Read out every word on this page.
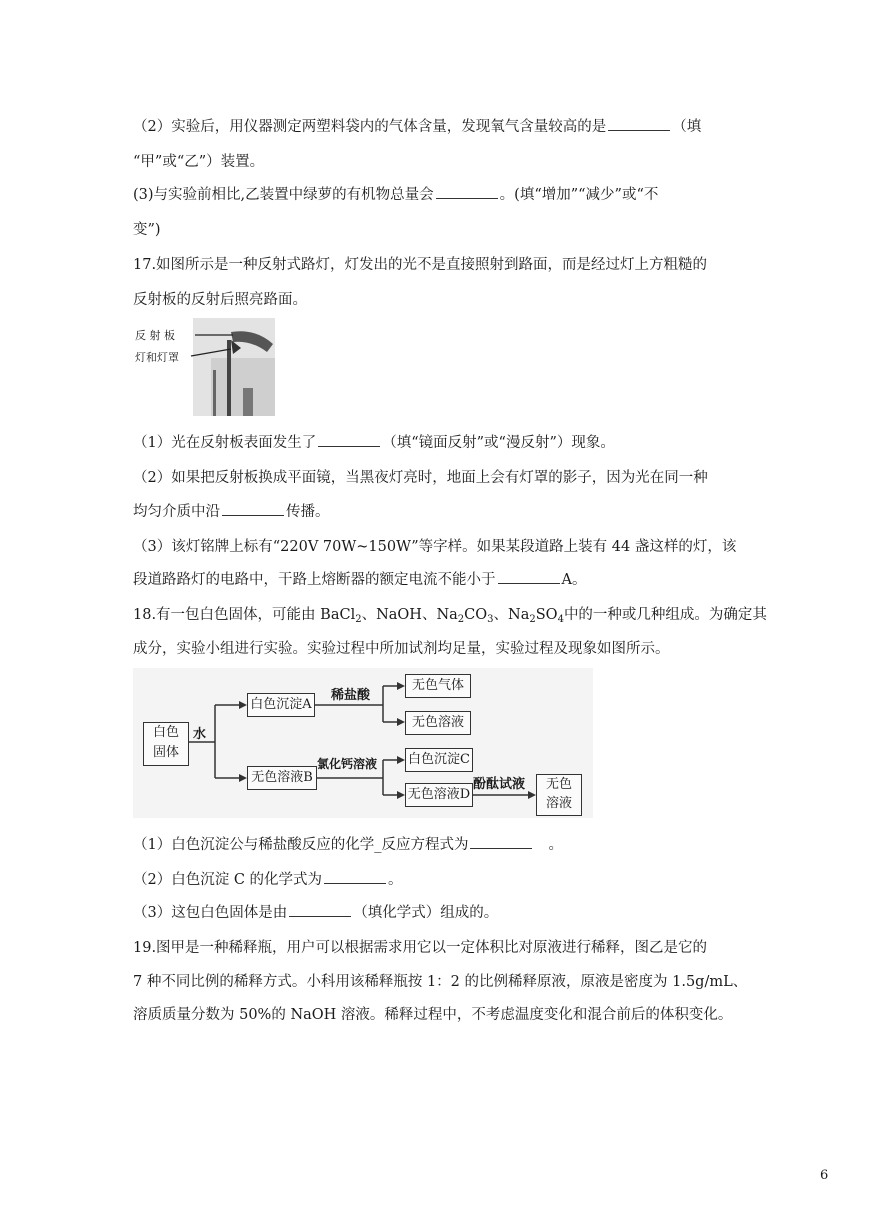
（2）实验后，用仪器测定两塑料袋内的气体含量，发现氧气含量较高的是	（填
“甲”或“乙”）装置。
(3)与实验前相比,乙装置中绿萝的有机物总量会	。(填“增加”“减少”或“不
变”)
17.如图所示是一种反射式路灯，灯发出的光不是直接照射到路面，而是经过灯上方粗糙的
反射板的反射后照亮路面。
反 射 板
灯和灯罩
（1）光在反射板表面发生了	（填“镜面反射”或“漫反射”）现象。
（2）如果把反射板换成平面镜，当黑夜灯亮时，地面上会有灯罩的影子，因为光在同一种
均匀介质中沿	传播。
（3）该灯铭牌上标有“220V 70W~150W”等字样。如果某段道路上装有 44 盏这样的灯，该
段道路路灯的电路中，干路上熔断器的额定电流不能小于	A。
18.有一包白色固体，可能由 BaCl$_2$、NaOH、$Na_2CO_3$、$Na_2SO_4$中的一种或几种组成。为确定其
成分，实验小组进行实验。实验过程中所加试剂均足量，实验过程及现象如图所示。
白色
固体
水
白色沉淀A
稀盐酸
无色气体
无色溶液
无色溶液B
氯化钙溶液 白色沉淀C
无色溶液D
酚酞试液	无色
溶液
（1）白色沉淀公与稀盐酸反应的化学_反应方程式为	。
（2）白色沉淀 C 的化学式为	。
（3）这包白色固体是由	（填化学式）组成的。
19.图甲是一种稀释瓶，用户可以根据需求用它以一定体积比对原液进行稀释，图乙是它的
7 种不同比例的稀释方式。小科用该稀释瓶按 1：2 的比例稀释原液，原液是密度为 1.5g/mL、
溶质质量分数为 50%的 NaOH 溶液。稀释过程中，不考虑温度变化和混合前后的体积变化。
6
